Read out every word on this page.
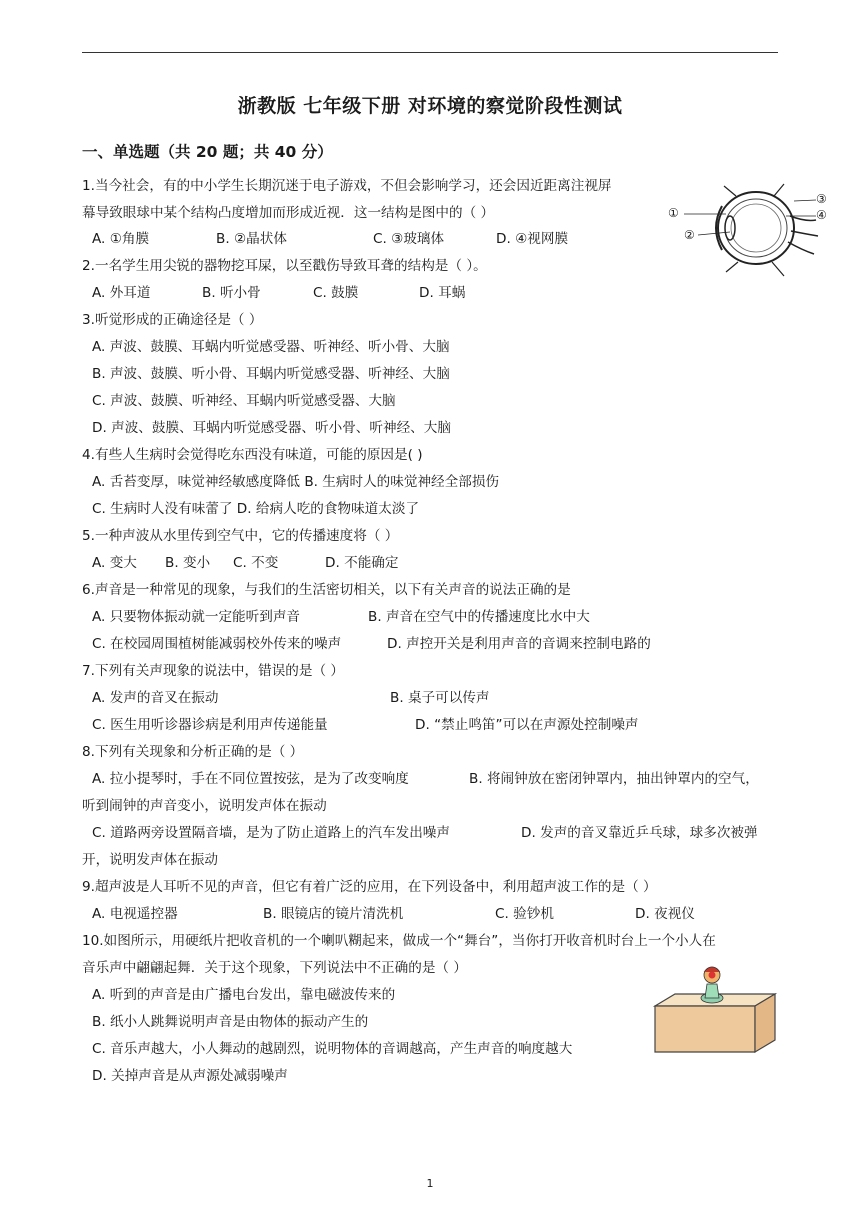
浙教版 七年级下册 对环境的察觉阶段性测试
一、单选题（共 20 题；共 40 分）
1.当今社会，有的中小学生长期沉迷于电子游戏，不但会影响学习，还会因近距离注视屏
幕导致眼球中某个结构凸度增加而形成近视．这一结构是图中的（ ）
A. ①角膜	B. ②晶状体	C. ③玻璃体	D. ④视网膜
①
②
③
④
2.一名学生用尖锐的器物挖耳屎，以至戳伤导致耳聋的结构是（ ）。
A. 外耳道	B. 听小骨	C. 鼓膜	D. 耳蜗
3.听觉形成的正确途径是（ ）
A. 声波、鼓膜、耳蜗内听觉感受器、听神经、听小骨、大脑
B. 声波、鼓膜、听小骨、耳蜗内听觉感受器、听神经、大脑
C. 声波、鼓膜、听神经、耳蜗内听觉感受器、大脑
D. 声波、鼓膜、耳蜗内听觉感受器、听小骨、听神经、大脑
4.有些人生病时会觉得吃东西没有味道，可能的原因是( )
A. 舌苔变厚，味觉神经敏感度降低 B. 生病时人的味觉神经全部损伤
C. 生病时人没有味蕾了 D. 给病人吃的食物味道太淡了
5.一种声波从水里传到空气中，它的传播速度将（ ）
A. 变大 B. 变小 C. 不变	D. 不能确定
6.声音是一种常见的现象，与我们的生活密切相关，以下有关声音的说法正确的是
A. 只要物体振动就一定能听到声音	B. 声音在空气中的传播速度比水中大
C. 在校园周围植树能减弱校外传来的噪声	D. 声控开关是利用声音的音调来控制电路的
7.下列有关声现象的说法中，错误的是（ ）
A. 发声的音叉在振动	B. 桌子可以传声
C. 医生用听诊器诊病是利用声传递能量	D. “禁止鸣笛”可以在声源处控制噪声
8.下列有关现象和分析正确的是（ ）
A. 拉小提琴时，手在不同位置按弦，是为了改变响度	B. 将闹钟放在密闭钟罩内，抽出钟罩内的空气，
听到闹钟的声音变小，说明发声体在振动
C. 道路两旁设置隔音墙，是为了防止道路上的汽车发出噪声	D. 发声的音叉靠近乒乓球，球多次被弹
开，说明发声体在振动
9.超声波是人耳听不见的声音，但它有着广泛的应用，在下列设备中，利用超声波工作的是（ ）
A. 电视遥控器	B. 眼镜店的镜片清洗机	C. 验钞机	D. 夜视仪
10.如图所示，用硬纸片把收音机的一个喇叭糊起来，做成一个“舞台”，当你打开收音机时台上一个小人在
音乐声中翩翩起舞．关于这个现象，下列说法中不正确的是（ ）
A. 听到的声音是由广播电台发出，靠电磁波传来的
B. 纸小人跳舞说明声音是由物体的振动产生的
C. 音乐声越大，小人舞动的越剧烈，说明物体的音调越高，产生声音的响度越大
D. 关掉声音是从声源处减弱噪声
1
